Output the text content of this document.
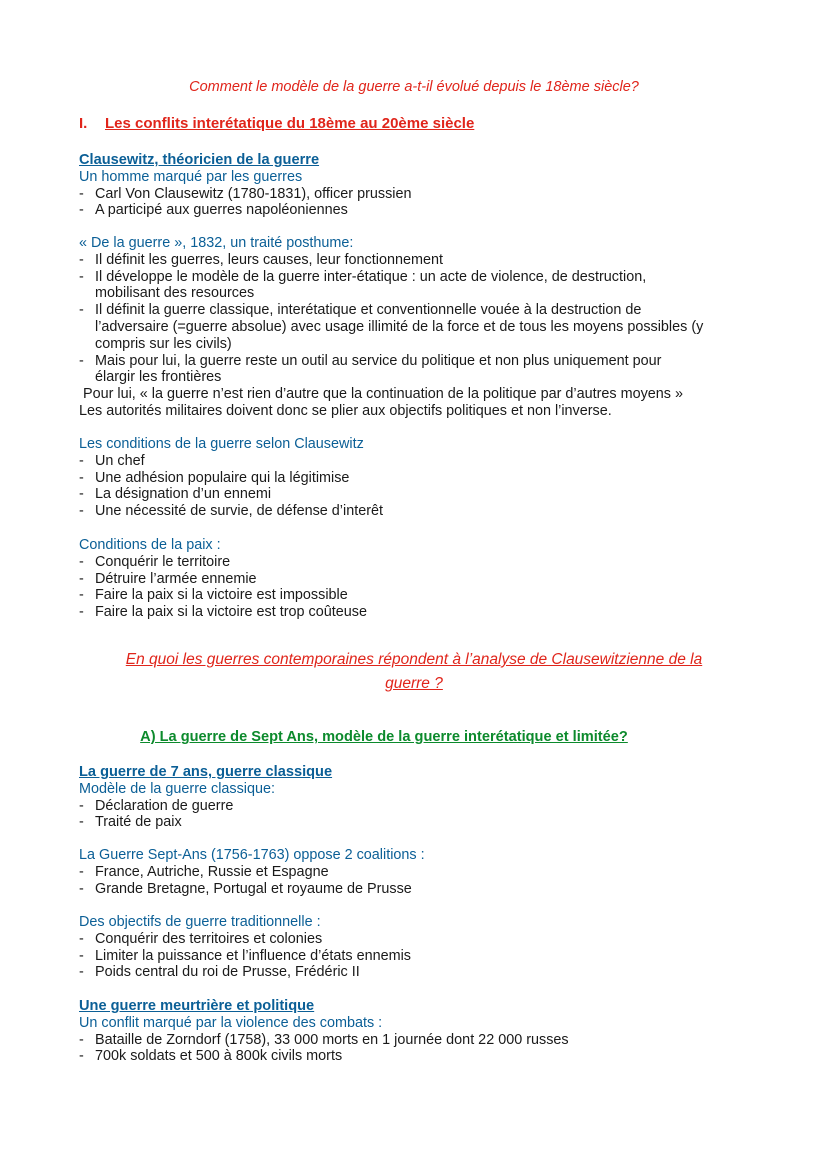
Comment le modèle de la guerre a-t-il évolué depuis le 18ème siècle?
I. Les conflits interétatique du 18ème au 20ème siècle
Clausewitz, théoricien de la guerre
Un homme marqué par les guerres
- Carl Von Clausewitz (1780-1831), officer prussien
- A participé aux guerres napoléoniennes
« De la guerre », 1832, un traité posthume:
- Il définit les guerres, leurs causes, leur fonctionnement
- Il développe le modèle de la guerre inter-étatique : un acte de violence, de destruction,
mobilisant des resources
- Il définit la guerre classique, interétatique et conventionnelle vouée à la destruction de
l’adversaire (=guerre absolue) avec usage illimité de la force et de tous les moyens possibles (y
compris sur les civils)
- Mais pour lui, la guerre reste un outil au service du politique et non plus uniquement pour
élargir les frontières
Pour lui, « la guerre n’est rien d’autre que la continuation de la politique par d’autres moyens »
Les autorités militaires doivent donc se plier aux objectifs politiques et non l’inverse.
Les conditions de la guerre selon Clausewitz
- Un chef
- Une adhésion populaire qui la légitimise
- La désignation d’un ennemi
- Une nécessité de survie, de défense d’interêt
Conditions de la paix :
- Conquérir le territoire
- Détruire l’armée ennemie
- Faire la paix si la victoire est impossible
- Faire la paix si la victoire est trop coûteuse
En quoi les guerres contemporaines répondent à l’analyse de Clausewitzienne de la
guerre ?
A) La guerre de Sept Ans, modèle de la guerre interétatique et limitée?
La guerre de 7 ans, guerre classique
Modèle de la guerre classique:
- Déclaration de guerre
- Traité de paix
La Guerre Sept-Ans (1756-1763) oppose 2 coalitions :
- France, Autriche, Russie et Espagne
- Grande Bretagne, Portugal et royaume de Prusse
Des objectifs de guerre traditionnelle :
- Conquérir des territoires et colonies
- Limiter la puissance et l’influence d’états ennemis
- Poids central du roi de Prusse, Frédéric II
Une guerre meurtrière et politique
Un conflit marqué par la violence des combats :
- Bataille de Zorndorf (1758), 33 000 morts en 1 journée dont 22 000 russes
- 700k soldats et 500 à 800k civils morts
